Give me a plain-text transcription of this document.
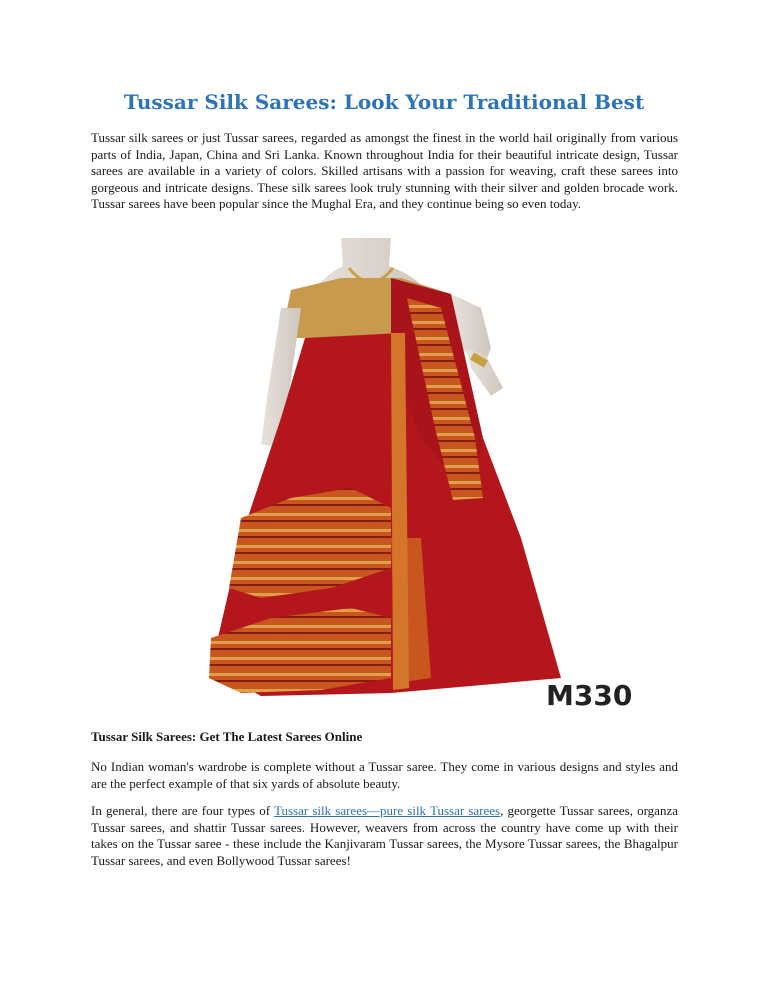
Tussar Silk Sarees: Look Your Traditional Best

Tussar silk sarees or just Tussar sarees, regarded as amongst the finest in the world hail originally from various parts of India, Japan, China and Sri Lanka. Known throughout India for their beautiful intricate design, Tussar sarees are available in a variety of colors. Skilled artisans with a passion for weaving, craft these sarees into gorgeous and intricate designs. These silk sarees look truly stunning with their silver and golden brocade work. Tussar sarees have been popular since the Mughal Era, and they continue being so even today.

M330

Tussar Silk Sarees: Get The Latest Sarees Online

No Indian woman's wardrobe is complete without a Tussar saree. They come in various designs and styles and are the perfect example of that six yards of absolute beauty.

In general, there are four types of Tussar silk sarees—pure silk Tussar sarees, georgette Tussar sarees, organza Tussar sarees, and shattir Tussar sarees. However, weavers from across the country have come up with their takes on the Tussar saree - these include the Kanjivaram Tussar sarees, the Mysore Tussar sarees, the Bhagalpur Tussar sarees, and even Bollywood Tussar sarees!
